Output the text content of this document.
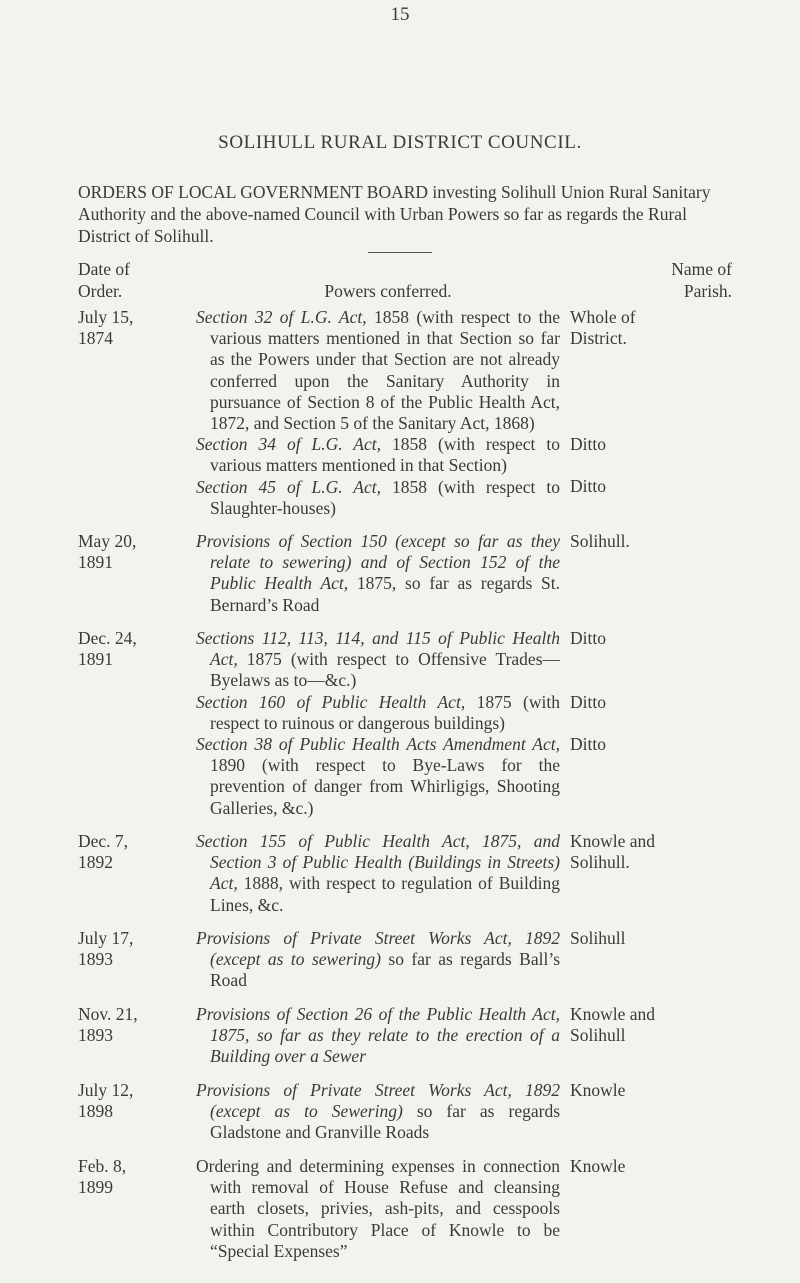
15
SOLIHULL RURAL DISTRICT COUNCIL.
ORDERS OF LOCAL GOVERNMENT BOARD investing Solihull Union Rural Sanitary Authority and the above-named Council with Urban Powers so far as regards the Rural District of Solihull.
Date of
Order.	Powers conferred.
Name of
Parish.
July 15,
1874
Section 32 of L.G. Act, 1858 (with respect to the various matters mentioned in that Section so far as the Powers under that Section are not already conferred upon the Sanitary Authority in pursuance of Section 8 of the Public Health Act, 1872, and Section 5 of the Sanitary Act, 1868)
Section 34 of L.G. Act, 1858 (with respect to various matters mentioned in that Section)
Section 45 of L.G. Act, 1858 (with respect to Slaughter-houses)
Whole of District.
Ditto
Ditto
May 20,
1891
Provisions of Section 150 (except so far as they relate to sewering) and of Section 152 of the Public Health Act, 1875, so far as regards St. Bernard’s Road
Solihull.
Dec. 24,
1891
Sections 112, 113, 114, and 115 of Public Health Act, 1875 (with respect to Offensive Trades—Byelaws as to—&c.)
Section 160 of Public Health Act, 1875 (with respect to ruinous or dangerous buildings)
Section 38 of Public Health Acts Amendment Act, 1890 (with respect to Bye-Laws for the prevention of danger from Whirligigs, Shooting Galleries, &c.)
Ditto
Ditto
Ditto
Dec. 7,
1892
Section 155 of Public Health Act, 1875, and Section 3 of Public Health (Buildings in Streets) Act, 1888, with respect to regulation of Building Lines, &c.
Knowle and Solihull.
July 17,
1893
Provisions of Private Street Works Act, 1892 (except as to sewering) so far as regards Ball’s Road
Solihull
Nov. 21,
1893
Provisions of Section 26 of the Public Health Act, 1875, so far as they relate to the erection of a Building over a Sewer
Knowle and Solihull
July 12,
1898
Provisions of Private Street Works Act, 1892 (except as to Sewering) so far as regards Gladstone and Granville Roads
Knowle
Feb. 8,
1899
Ordering and determining expenses in connection with removal of House Refuse and cleansing earth closets, privies, ash-pits, and cesspools within Contributory Place of Knowle to be “Special Expenses”
Knowle
